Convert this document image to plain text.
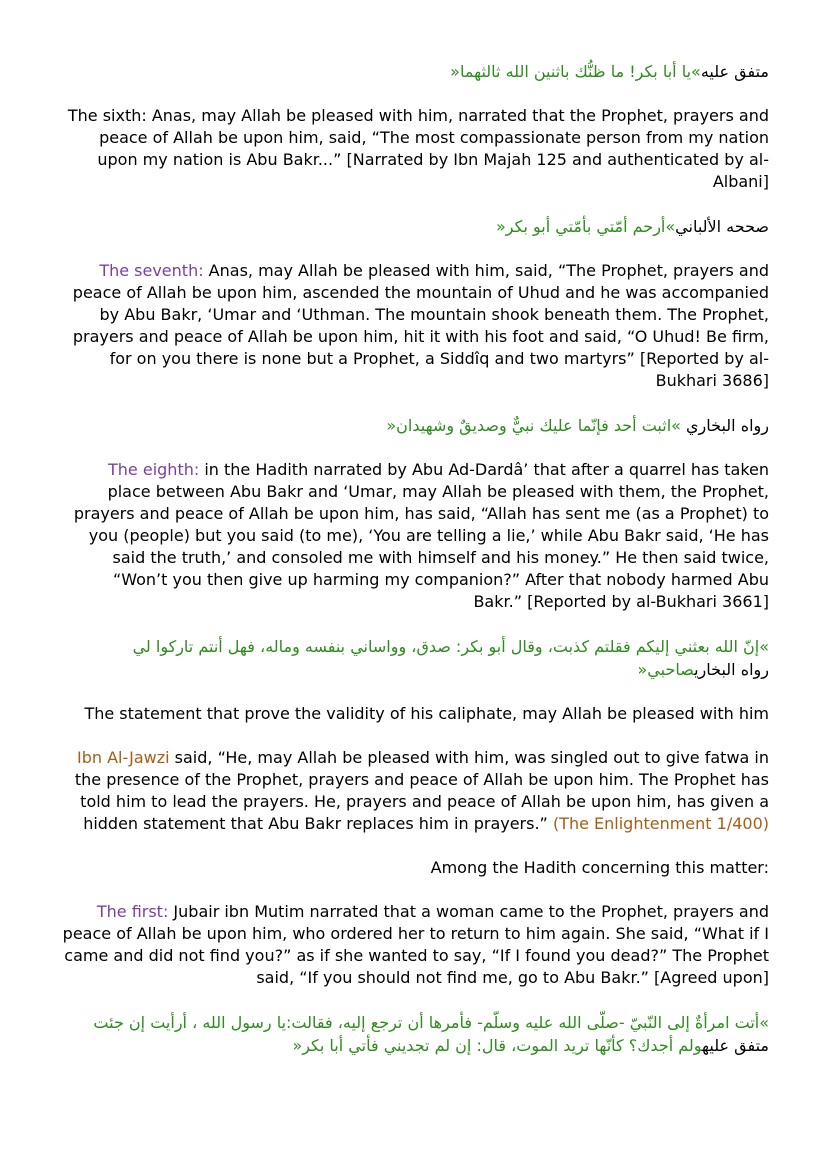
متفق عليه»يا أبا بكر! ما ظنُّك باثنين الله ثالثهما«

The sixth: Anas, may Allah be pleased with him, narrated that the Prophet, prayers and peace of Allah be upon him, said, “The most compassionate person from my nation upon my nation is Abu Bakr...” [Narrated by Ibn Majah 125 and authenticated by al-Albani]

صححه الألباني»أرحم أمّتي بأمّتي أبو بكر«

The seventh: Anas, may Allah be pleased with him, said, “The Prophet, prayers and peace of Allah be upon him, ascended the mountain of Uhud and he was accompanied by Abu Bakr, ‘Umar and ‘Uthman. The mountain shook beneath them. The Prophet, prayers and peace of Allah be upon him, hit it with his foot and said, “O Uhud! Be firm, for on you there is none but a Prophet, a Siddîq and two martyrs” [Reported by al-Bukhari 3686]

رواه البخاري »اثبت أحد فإنّما عليك نبيٌّ وصديقٌ وشهيدان«

The eighth: in the Hadith narrated by Abu Ad-Dardâ’ that after a quarrel has taken place between Abu Bakr and ‘Umar, may Allah be pleased with them, the Prophet, prayers and peace of Allah be upon him, has said, “Allah has sent me (as a Prophet) to you (people) but you said (to me), ‘You are telling a lie,’ while Abu Bakr said, ‘He has said the truth,’ and consoled me with himself and his money.” He then said twice, “Won’t you then give up harming my companion?” After that nobody harmed Abu Bakr.” [Reported by al-Bukhari 3661]

»إنّ الله بعثني إليكم فقلتم كذبت، وقال أبو بكر: صدق، وواساني بنفسه وماله، فهل أنتم تاركوا لي
رواه البخاريصاحبي«

The statement that prove the validity of his caliphate, may Allah be pleased with him

Ibn Al-Jawzi said, “He, may Allah be pleased with him, was singled out to give fatwa in the presence of the Prophet, prayers and peace of Allah be upon him. The Prophet has told him to lead the prayers. He, prayers and peace of Allah be upon him, has given a hidden statement that Abu Bakr replaces him in prayers.” (The Enlightenment 1/400)

Among the Hadith concerning this matter:

The first: Jubair ibn Mutim narrated that a woman came to the Prophet, prayers and peace of Allah be upon him, who ordered her to return to him again. She said, “What if I came and did not find you?” as if she wanted to say, “If I found you dead?” The Prophet said, “If you should not find me, go to Abu Bakr.” [Agreed upon]

»أتت امرأةٌ إلى النّبيّ -صلّى الله عليه وسلّم- فأمرها أن ترجع إليه، فقالت:يا رسول الله ، أرأيت إن جئت
متفق عليهولم أجدك؟ كأنّها تريد الموت، قال: إن لم تجديني فأتي أبا بكر«
